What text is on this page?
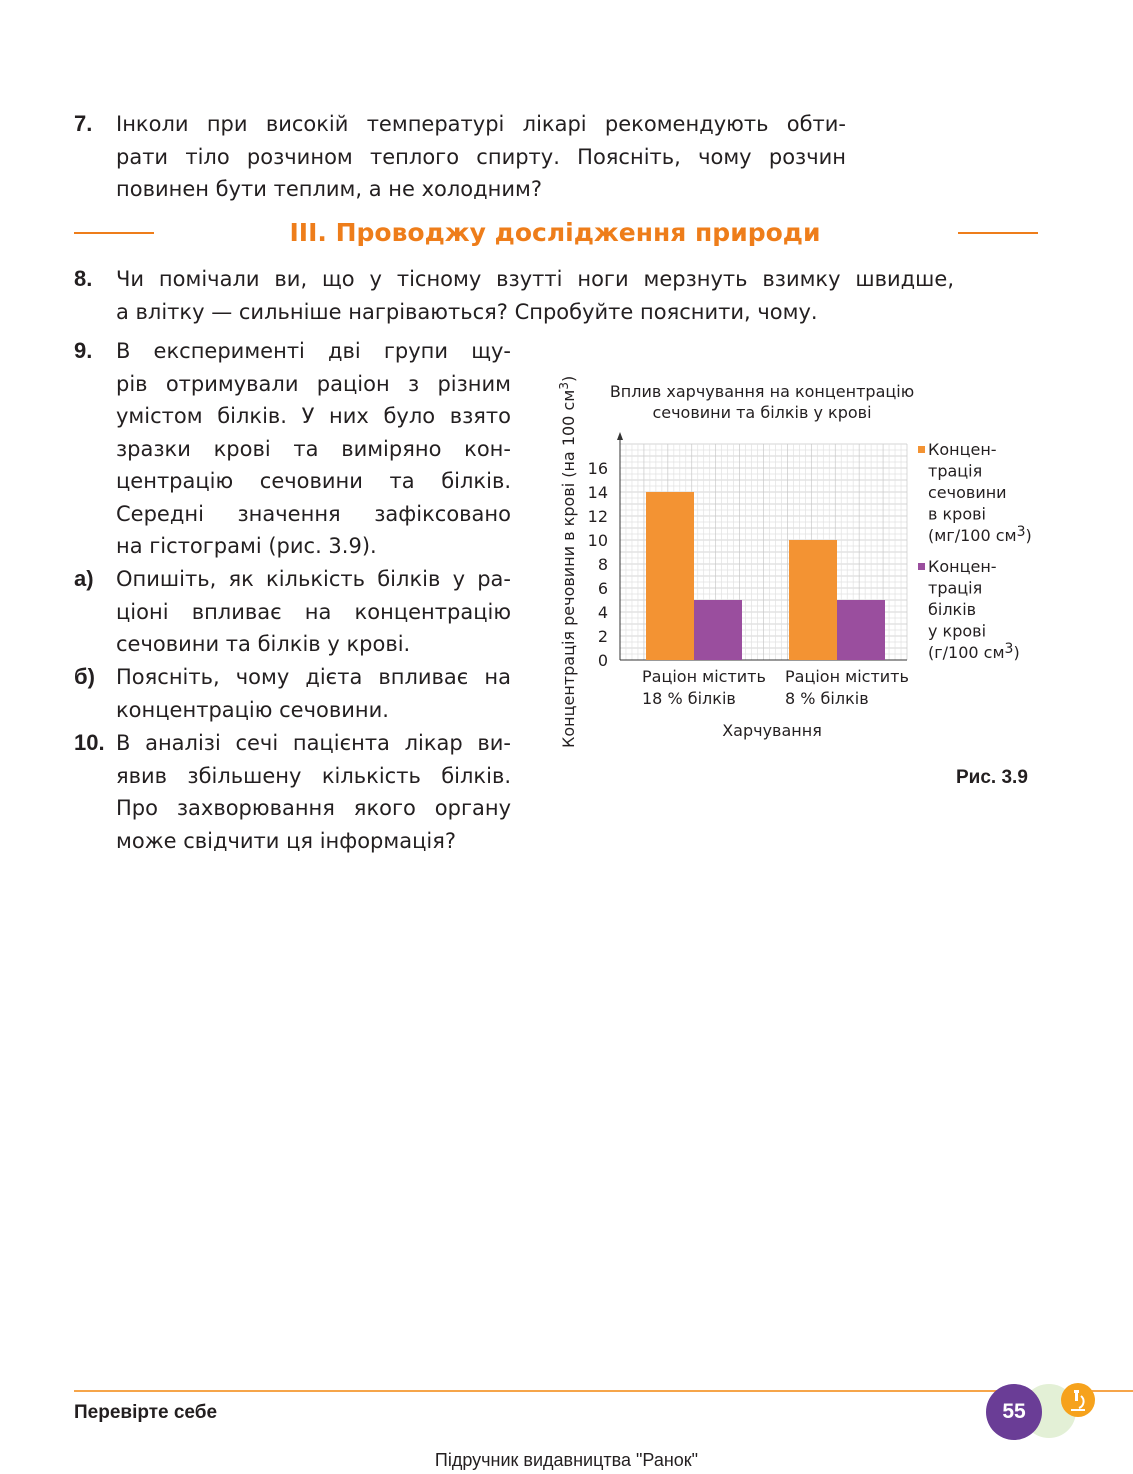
7. Інколи при високій температурі лікарі рекомендують обти-
рати тіло розчином теплого спирту. Поясніть, чому розчин
повинен бути теплим, а не холодним?
III. Проводжу дослідження природи
8. Чи помічали ви, що у тісному взутті ноги мерзнуть взимку швидше,
а влітку — сильніше нагріваються? Спробуйте пояснити, чому.
9. В експерименті дві групи щу-
рів отримували раціон з різним
умістом білків. У них було взято
зразки крові та виміряно кон-
центрацію сечовини та білків.
Середні значення зафіксовано
на гістограмі (рис. 3.9).
а) Опишіть, як кількість білків у ра-
ціоні впливає на концентрацію
сечовини та білків у крові.
б) Поясніть, чому дієта впливає на
концентрацію сечовини.
10. В аналізі сечі пацієнта лікар ви-
явив збільшену кількість білків.
Про захворювання якого органу
може свідчити ця інформація?
0
2
4
6
8
10
12
14
16
Раціон містить
18 % білків
Раціон містить
8 % білків
Вплив харчування на концентрацію
сечовини та білків у крові
Харчування
Концентрація речовини в крові (на 100 $см^3$)
Концен-
трація
сечовини
в крові
(мг/100 см3)
Концен-
трація
білків
у крові
(г/100 см3)
Рис. 3.9
Перевірте себе	55
Підручник видавництва "Ранок"
